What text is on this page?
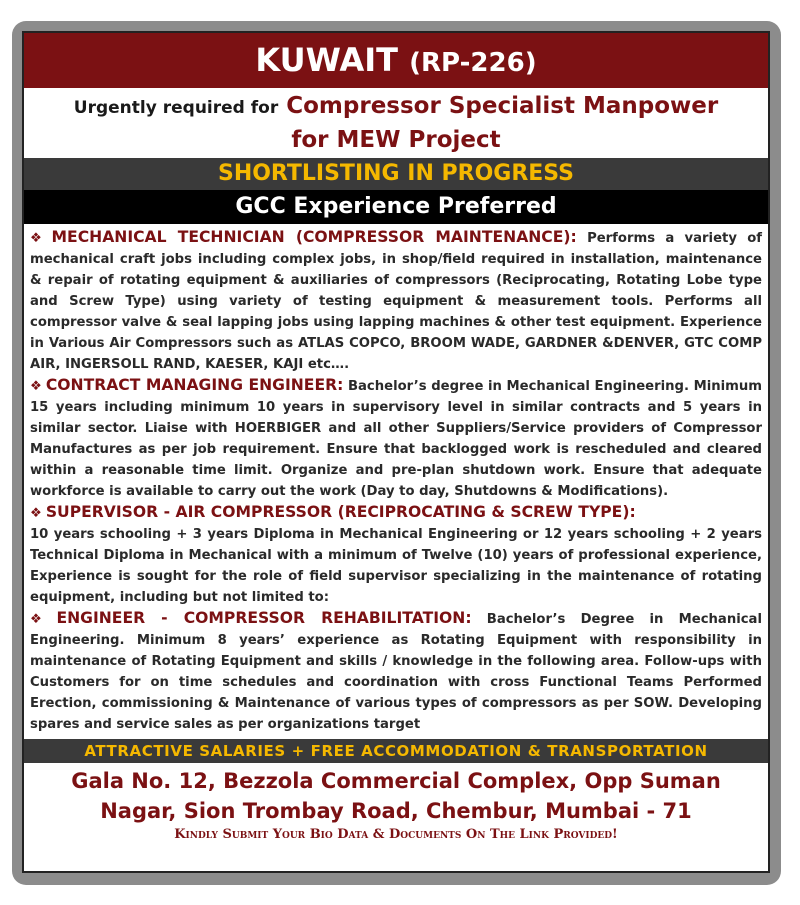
KUWAIT (RP-226)
Urgently required for Compressor Specialist Manpower
for MEW Project
SHORTLISTING IN PROGRESS
GCC Experience Preferred
❖ MECHANICAL TECHNICIAN (COMPRESSOR MAINTENANCE): Performs a variety of mechanical craft jobs including complex jobs, in shop/field required in installation, maintenance & repair of rotating equipment & auxiliaries of compressors (Reciprocating, Rotating Lobe type and Screw Type) using variety of testing equipment & measurement tools. Performs all compressor valve & seal lapping jobs using lapping machines & other test equipment. Experience in Various Air Compressors such as ATLAS COPCO, BROOM WADE, GARDNER &DENVER, GTC COMP AIR, INGERSOLL RAND, KAESER, KAJI etc….
❖ CONTRACT MANAGING ENGINEER: Bachelor’s degree in Mechanical Engineering. Minimum 15 years including minimum 10 years in supervisory level in similar contracts and 5 years in similar sector. Liaise with HOERBIGER and all other Suppliers/Service providers of Compressor Manufactures as per job requirement. Ensure that backlogged work is rescheduled and cleared within a reasonable time limit. Organize and pre-plan shutdown work. Ensure that adequate workforce is available to carry out the work (Day to day, Shutdowns & Modifications).
❖ SUPERVISOR - AIR COMPRESSOR (RECIPROCATING & SCREW TYPE):
10 years schooling + 3 years Diploma in Mechanical Engineering or 12 years schooling + 2 years Technical Diploma in Mechanical with a minimum of Twelve (10) years of professional experience, Experience is sought for the role of field supervisor specializing in the maintenance of rotating equipment, including but not limited to:
❖ ENGINEER - COMPRESSOR REHABILITATION: Bachelor’s Degree in Mechanical Engineering. Minimum 8 years’ experience as Rotating Equipment with responsibility in maintenance of Rotating Equipment and skills / knowledge in the following area. Follow-ups with Customers for on time schedules and coordination with cross Functional Teams Performed Erection, commissioning & Maintenance of various types of compressors as per SOW. Developing spares and service sales as per organizations target
ATTRACTIVE SALARIES + FREE ACCOMMODATION & TRANSPORTATION
Gala No. 12, Bezzola Commercial Complex, Opp Suman
Nagar, Sion Trombay Road, Chembur, Mumbai - 71
Kindly Submit Your Bio Data & Documents On The Link Provided!
